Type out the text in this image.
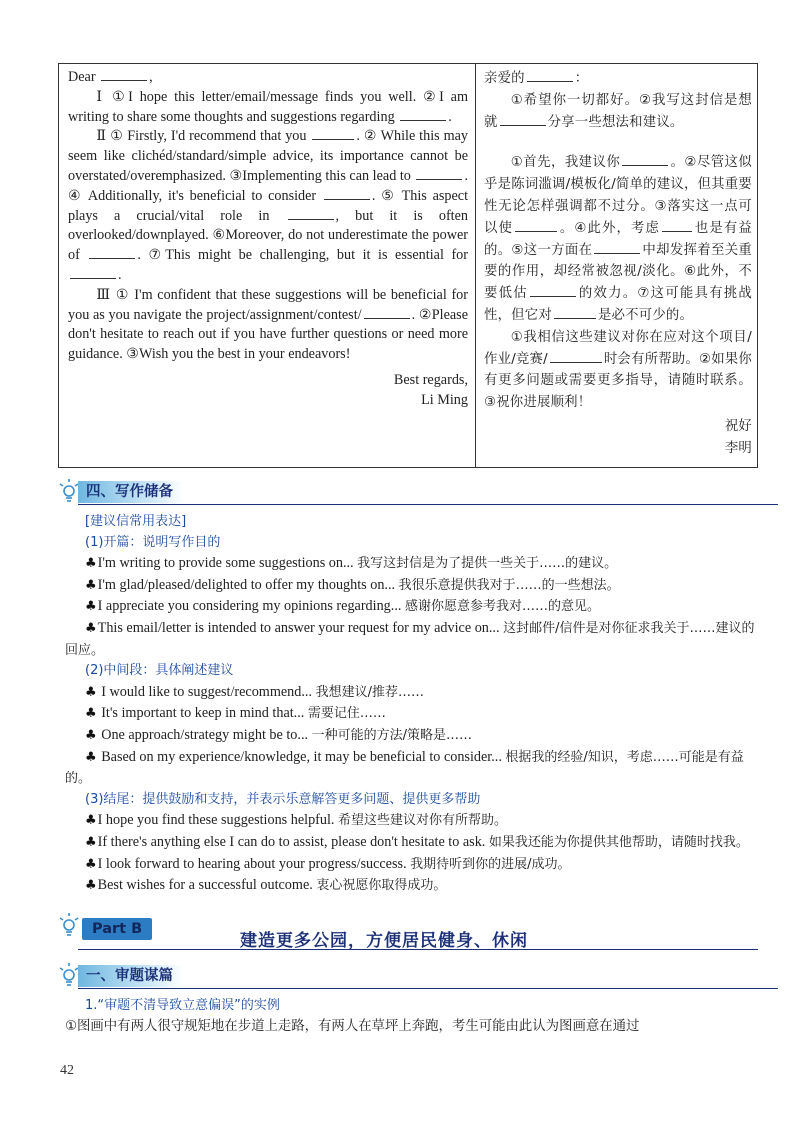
Dear	,

Ⅰ ①I hope this letter/email/message finds you well. ②I am writing to share some thoughts and suggestions regarding	.

Ⅱ ① Firstly, I'd recommend that you	. ② While this may seem like clichéd/standard/simple advice, its importance cannot be overstated/overemphasized. ③Implementing this can lead to	. ④ Additionally, it's beneficial to consider	. ⑤ This aspect plays a crucial/vital role in	, but it is often overlooked/downplayed. ⑥Moreover, do not underestimate the power of	. ⑦This might be challenging, but it is essential for .

Ⅲ ① I'm confident that these suggestions will be beneficial for you as you navigate the project/assignment/contest/	. ②Please don't hesitate to reach out if you have further questions or need more guidance. ③Wish you the best in your endeavors!

Best regards,

Li Ming

亲爱的	：

①希望你一切都好。②我写这封信是想就	分享一些想法和建议。

①首先，我建议你	。②尽管这似乎是陈词滥调/模板化/简单的建议，但其重要性无论怎样强调都不过分。③落实这一点可以使	。④此外，考虑	也是有益的。⑤这一方面在	中却发挥着至关重要的作用，却经常被忽视/淡化。⑥此外，不要低估	的效力。⑦这可能具有挑战性，但它对	是必不可少的。

①我相信这些建议对你在应对这个项目/作业/竞赛/	时会有所帮助。②如果你有更多问题或需要更多指导，请随时联系。③祝你进展顺利！

祝好

李明

四、写作储备

[建议信常用表达]

(1)开篇：说明写作目的

♣I'm writing to provide some suggestions on... 我写这封信是为了提供一些关于……的建议。

♣I'm glad/pleased/delighted to offer my thoughts on... 我很乐意提供我对于……的一些想法。

♣I appreciate you considering my opinions regarding... 感谢你愿意参考我对……的意见。

♣This email/letter is intended to answer your request for my advice on... 这封邮件/信件是对你征求我关于……建议的回应。

(2)中间段：具体阐述建议

♣ I would like to suggest/recommend... 我想建议/推荐……

♣ It's important to keep in mind that... 需要记住……

♣ One approach/strategy might be to... 一种可能的方法/策略是……

♣ Based on my experience/knowledge, it may be beneficial to consider... 根据我的经验/知识，考虑……可能是有益的。

(3)结尾：提供鼓励和支持，并表示乐意解答更多问题、提供更多帮助

♣I hope you find these suggestions helpful. 希望这些建议对你有所帮助。

♣If there's anything else I can do to assist, please don't hesitate to ask. 如果我还能为你提供其他帮助，请随时找我。

♣I look forward to hearing about your progress/success. 我期待听到你的进展/成功。

♣Best wishes for a successful outcome. 衷心祝愿你取得成功。

Part B
建造更多公园，方便居民健身、休闲
一、审题谋篇

1.“审题不清导致立意偏误”的实例

①图画中有两人很守规矩地在步道上走路，有两人在草坪上奔跑，考生可能由此认为图画意在通过

42
